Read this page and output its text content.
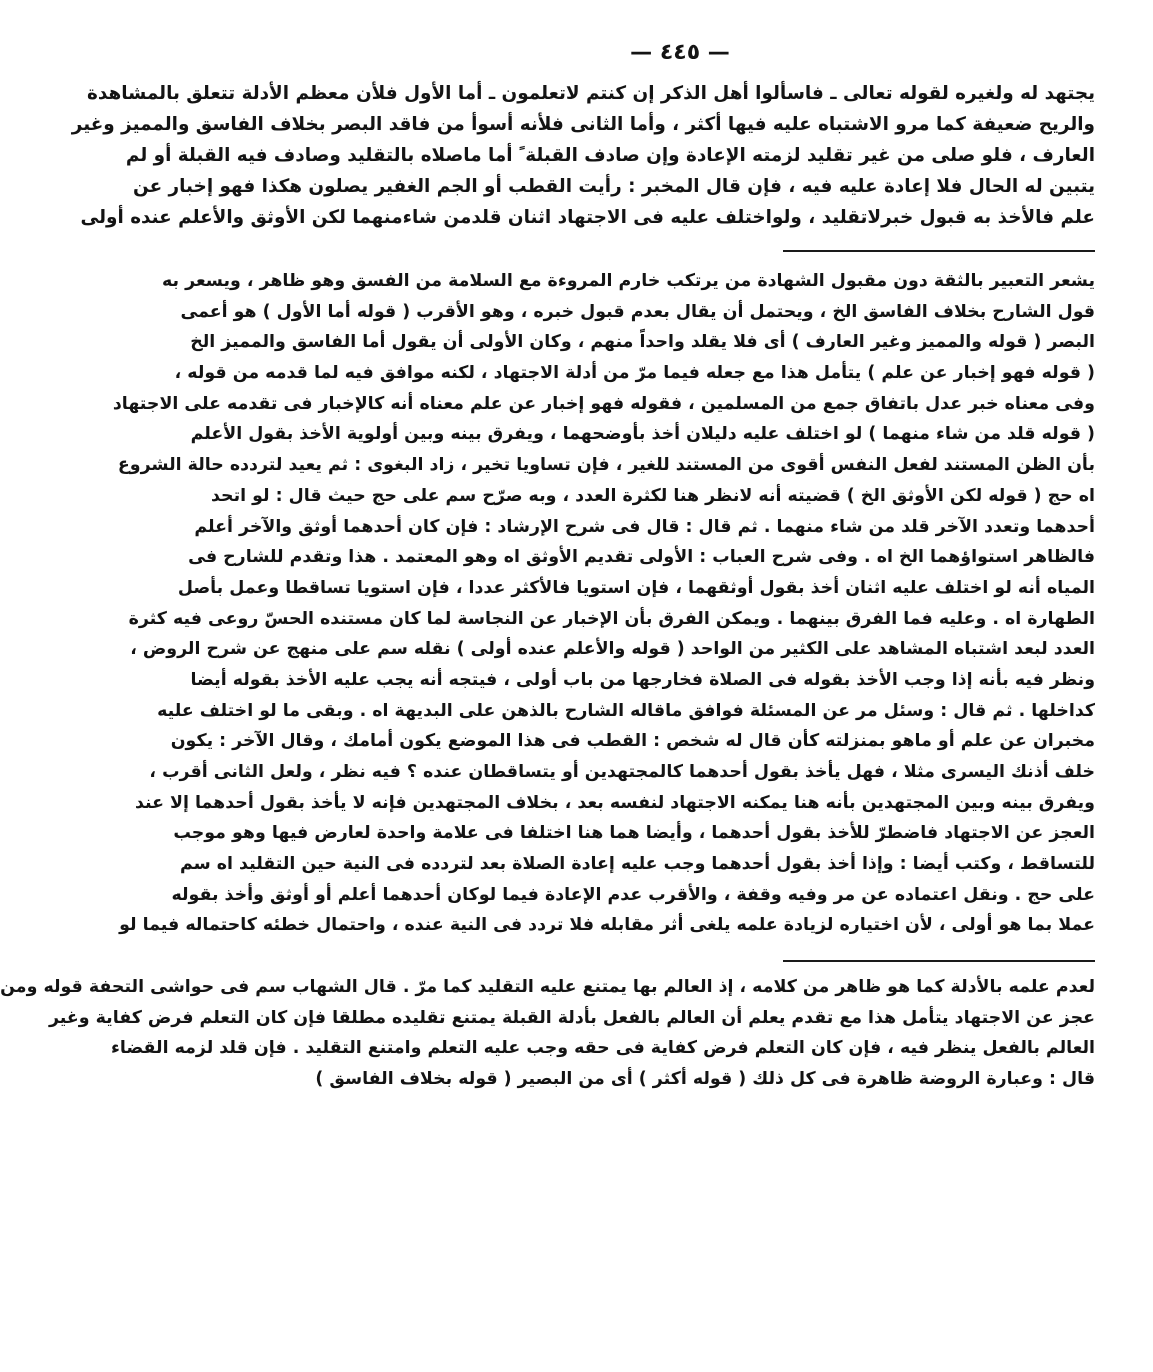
— ٤٤٥ —
يجتهد له ولغيره لقوله تعالى ـ فاسألوا أهل الذكر إن كنتم لاتعلمون ـ أما الأول فلأن معظم الأدلة تتعلق بالمشاهدة
والريح ضعيفة كما مرو الاشتباه عليه فيها أكثر ، وأما الثانى فلأنه أسوأ من فاقد البصر بخلاف الفاسق والمميز وغير
العارف ، فلو صلى من غير تقليد لزمته الإعادة وإن صادف القبلة ً أما ماصلاه بالتقليد وصادف فيه القبلة أو لم
يتبين له الحال فلا إعادة عليه فيه ، فإن قال المخبر : رأيت القطب أو الجم الغفير يصلون هكذا فهو إخبار عن
علم فالأخذ به قبول خبرلاتقليد ، ولواختلف عليه فى الاجتهاد اثنان قلدمن شاءمنهما لكن الأوثق والأعلم عنده أولى
يشعر التعبير بالثقة دون مقبول الشهادة من يرتكب خارم المروءة مع السلامة من الفسق وهو ظاهر ، ويسعر به
قول الشارح بخلاف الفاسق الخ ، ويحتمل أن يقال بعدم قبول خبره ، وهو الأقرب ( قوله أما الأول ) هو أعمى
البصر ( قوله والمميز وغير العارف ) أى فلا يقلد واحداً منهم ، وكان الأولى أن يقول أما الفاسق والمميز الخ
( قوله فهو إخبار عن علم ) يتأمل هذا مع جعله فيما مرّ من أدلة الاجتهاد ، لكنه موافق فيه لما قدمه من قوله ،
وفى معناه خبر عدل باتفاق جمع من المسلمين ، فقوله فهو إخبار عن علم معناه أنه كالإخبار فى تقدمه على الاجتهاد
( قوله قلد من شاء منهما ) لو اختلف عليه دليلان أخذ بأوضحهما ، ويفرق بينه وبين أولوية الأخذ بقول الأعلم
بأن الظن المستند لفعل النفس أقوى من المستند للغير ، فإن تساويا تخير ، زاد البغوى : ثم يعيد لتردده حالة الشروع
اه حج ( قوله لكن الأوثق الخ ) قضيته أنه لانظر هنا لكثرة العدد ، وبه صرّح سم على حج حيث قال : لو اتحد
أحدهما وتعدد الآخر قلد من شاء منهما . ثم قال : قال فى شرح الإرشاد : فإن كان أحدهما أوثق والآخر أعلم
فالظاهر استواؤهما الخ اه . وفى شرح العباب : الأولى تقديم الأوثق اه وهو المعتمد . هذا وتقدم للشارح فى
المياه أنه لو اختلف عليه اثنان أخذ بقول أوثقهما ، فإن استويا فالأكثر عددا ، فإن استويا تساقطا وعمل بأصل
الطهارة اه . وعليه فما الفرق بينهما . ويمكن الفرق بأن الإخبار عن النجاسة لما كان مستنده الحسّ روعى فيه كثرة
العدد لبعد اشتباه المشاهد على الكثير من الواحد ( قوله والأعلم عنده أولى ) نقله سم على منهج عن شرح الروض ،
ونظر فيه بأنه إذا وجب الأخذ بقوله فى الصلاة فخارجها من باب أولى ، فيتجه أنه يجب عليه الأخذ بقوله أيضا
كداخلها . ثم قال : وسئل مر عن المسئلة فوافق ماقاله الشارح بالذهن على البديهة اه . وبقى ما لو اختلف عليه
مخبران عن علم أو ماهو بمنزلته كأن قال له شخص : القطب فى هذا الموضع يكون أمامك ، وقال الآخر : يكون
خلف أذنك اليسرى مثلا ، فهل يأخذ بقول أحدهما كالمجتهدين أو يتساقطان عنده ؟ فيه نظر ، ولعل الثانى أقرب ،
ويفرق بينه وبين المجتهدين بأنه هنا يمكنه الاجتهاد لنفسه بعد ، بخلاف المجتهدين فإنه لا يأخذ بقول أحدهما إلا عند
العجز عن الاجتهاد فاضطرّ للأخذ بقول أحدهما ، وأيضا هما هنا اختلفا فى علامة واحدة لعارض فيها وهو موجب
للتساقط ، وكتب أيضا : وإذا أخذ بقول أحدهما وجب عليه إعادة الصلاة بعد لتردده فى النية حين التقليد اه سم
على حج . ونقل اعتماده عن مر وفيه وقفة ، والأقرب عدم الإعادة فيما لوكان أحدهما أعلم أو أوثق وأخذ بقوله
عملا بما هو أولى ، لأن اختياره لزيادة علمه يلغى أثر مقابله فلا تردد فى النية عنده ، واحتمال خطئه كاحتماله فيما لو
لعدم علمه بالأدلة كما هو ظاهر من كلامه ، إذ العالم بها يمتنع عليه التقليد كما مرّ . قال الشهاب سم فى حواشى التحفة قوله ومن
عجز عن الاجتهاد يتأمل هذا مع تقدم يعلم أن العالم بالفعل بأدلة القبلة يمتنع تقليده مطلقا فإن كان التعلم فرض كفاية وغير
العالم بالفعل ينظر فيه ، فإن كان التعلم فرض كفاية فى حقه وجب عليه التعلم وامتنع التقليد . فإن قلد لزمه القضاء
قال : وعبارة الروضة ظاهرة فى كل ذلك ( قوله أكثر ) أى من البصير ( قوله بخلاف الفاسق )
